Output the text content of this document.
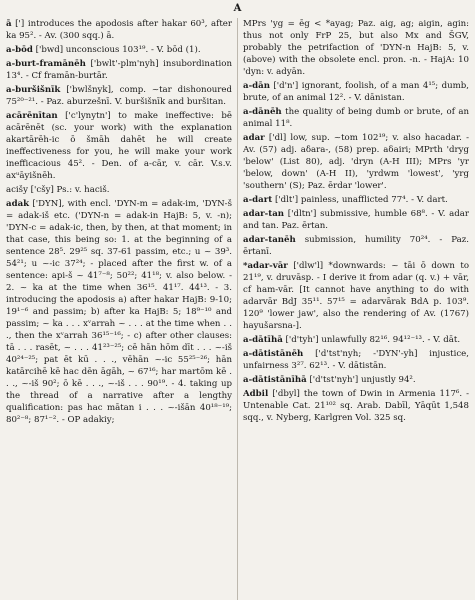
A

ā ['] introduces the apodosis after hakar 60³, after ka 95². - Av. (300 sqq.) ā.

a-bōd ['bwd] unconscious 103¹⁹. - V. bōd (1).

a-burt-framānēh ['bwlt'-plm'nyh] insubordination 13⁴. - Cf framān-burtār.

a-buršišnīk ['bwlšnyk], comp. ~tar dishonoured 75²⁰⁻²¹. - Paz. aburzešnī. V. buršišnīk and buršitan.

acārēnītan ['c'lynytn'] to make ineffective: bē acārēnēt (sc. your work) with the explanation akartārēh-ic ō šmāh dahēt he will create ineffectiveness for you, he will make your work inefficacious 45². - Den. of a-cār, v. cār. V.s.v. axᵘāyišnēh.

acišy ['cšy] Ps.: v. haciš.

adak ['DYN], with encl. 'DYN-m = adak-im, 'DYN-š = adak-iš etc. ('DYN-n = adak-in HajB: 5, v. -n); 'DYN-c = adak-ic, then, by then, at that moment; in that case, this being so: 1. at the beginning of a sentence 28⁵. 29²⁵ sq. 37-61 passim, etc.; u ~ 39³. 54²¹; u ~-ic 37²⁴; - placed after the first w. of a sentence: api-š ~ 41⁷⁻⁸; 50²²; 41¹⁸; v. also below. - 2. ~ ka at the time when 36¹⁵. 41¹⁷. 44¹³. - 3. introducing the apodosis a) after hakar HajB: 9-10; 19¹⁻⁶ and passim; b) after ka HajB: 5; 18⁹⁻¹⁰ and passim; ~ ka . . . xᵛarrah ~ . . . at the time when . . ., then the xᵛarrah 36¹⁵⁻¹⁶; - c) after other clauses: tā . . . rasēt, ~ . . . 41²³⁻²⁵; cē hān hōm dīt . . . ~-iš 40²⁴⁻²⁵; pat ēt kū . . ., vēhān ~-ic 55²⁵⁻²⁶; hān katārcihē kē hac dēn āgāh, ~ 67¹⁶; har martōm kē . . ., ~-iš 90²; ō kē . . ., ~-iš . . . 90¹⁹. - 4. taking up the thread of a narrative after a lengthy qualification: pas hac mātan i . . . ~-išān 40¹⁸⁻¹⁹; 80²⁻⁸; 87¹⁻². - OP adakiy;

MPrs 'yg = ēg < *ayag; Paz. aig, ag; aigin, agin: thus not only FrP 25, but also Mx and ŠGV, probably the petrifaction of 'DYN-n HajB: 5, v. (above) with the obsolete encl. pron. -n. - HajA: 10 'dyn: v. adyān.

a-dān ['d'n'] ignorant, foolish, of a man 4¹⁵; dumb, brute, of an animal 12². - V. dānistan.

a-dānēh the quality of being dumb or brute, of an animal 11⁸.

adar ['dl] low, sup. ~tom 102¹⁹; v. also hacadar. - Av. (57) adj. aδara-, (58) prep. aδairi; MPrth 'dryg 'below' (List 80), adj. 'dryn (A-H III); MPrs 'yr 'below, down' (A-H II), 'yrdwm 'lowest', 'yrg 'southern' (S); Paz. ērdar 'lower'.

a-dart ['dlt'] painless, unafflicted 77⁴. - V. dart.

adar-tan ['dltn'] submissive, humble 68⁸. - V. adar and tan. Paz. ērtan.

adar-tanēh submission, humility 70²⁴. - Paz. ērtanī.

*adar-vār ['dlw'l] *downwards: ~ tāi ō down to 21¹⁹, v. druvāsp. - I derive it from adar (q. v.) + vār, cf ham-vār. [It cannot have anything to do with adarvār BdJ 35¹¹. 57¹⁵ = adarvārak BdA p. 103⁹. 120⁹ 'lower jaw', also the rendering of Av. (1767) hayušarsna-].

a-dātīhā ['d'tyh'] unlawfully 82¹⁶. 94¹²⁻¹³. - V. dāt.

a-dātistānēh ['d'tst'nyh; -'DYN'-yh] injustice, unfairness 3²⁷. 62¹³. - V. dātistān.

a-dātistānīhā ['d'tst'nyh'] unjustly 94².

Adbil ['dbyl] the town of Dwin in Armenia 117⁶. - Untenable Cat. 21¹⁰² sq. Arab. Dabīl, Yāqūt 1,548 sqq., v. Nyberg, Karlgren Vol. 325 sq.
